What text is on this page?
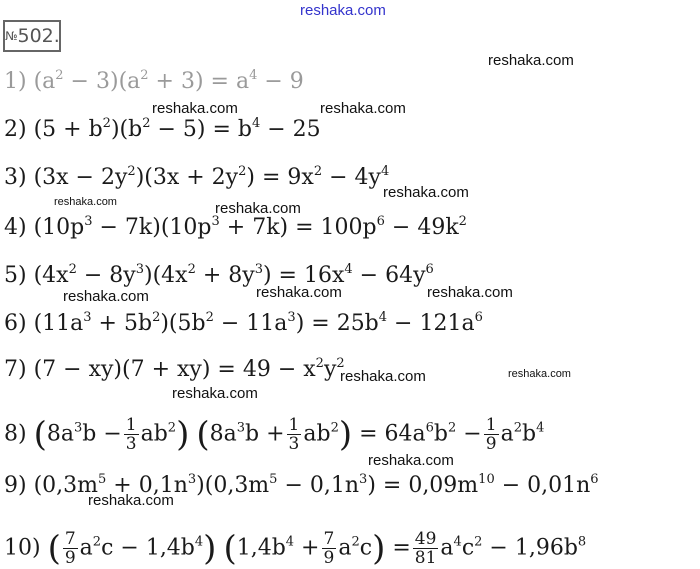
reshaka.com
№502.
reshaka.com
reshaka.com	reshaka.com
reshaka.com
reshaka.com	reshaka.com
reshaka.com	reshaka.com
reshaka.com
reshaka.com	reshaka.com
reshaka.com
reshaka.com
reshaka.com
1) $(a^2 - 3)(a^2 + 3) = a^4 - 9$
2) $(5 + b^2)(b^2 - 5) = b^4 - 25$
3) $(3x - 2y^2)(3x + 2y^2) = 9x^2 - 4y^4$
4) $(10p^3 - 7k)(10p^3 + 7k) = 100p^6 - 49k^2$
5) $(4x^2 - 8y^3)(4x^2 + 8y^3) = 16x^4 - 64y^6$
6) $(11a^3 + 5b^2)(5b^2 - 11a^3) = 25b^4 - 121a^6$
7) $(7 - xy)(7 + xy) = 49 - x^2y^2$
8) $(8a^3b - \frac{1}{3} ab^2) (8a^3b + \frac{1}{3} ab^2) = 64a^6b^2 - \frac{1}{9} a^2b^4$
9) $(0,3m^5 + 0,1n^3)(0,3m^5 - 0,1n^3) = 0,09m^{10} - 0,01n^6$
10) ( $\frac{7}{9} a^2c - 1,4b^4$) $(1,4b^4 + \frac{7}{9} a^2c) = \frac{49}{81} a^4c^2 - 1,96b^8$
